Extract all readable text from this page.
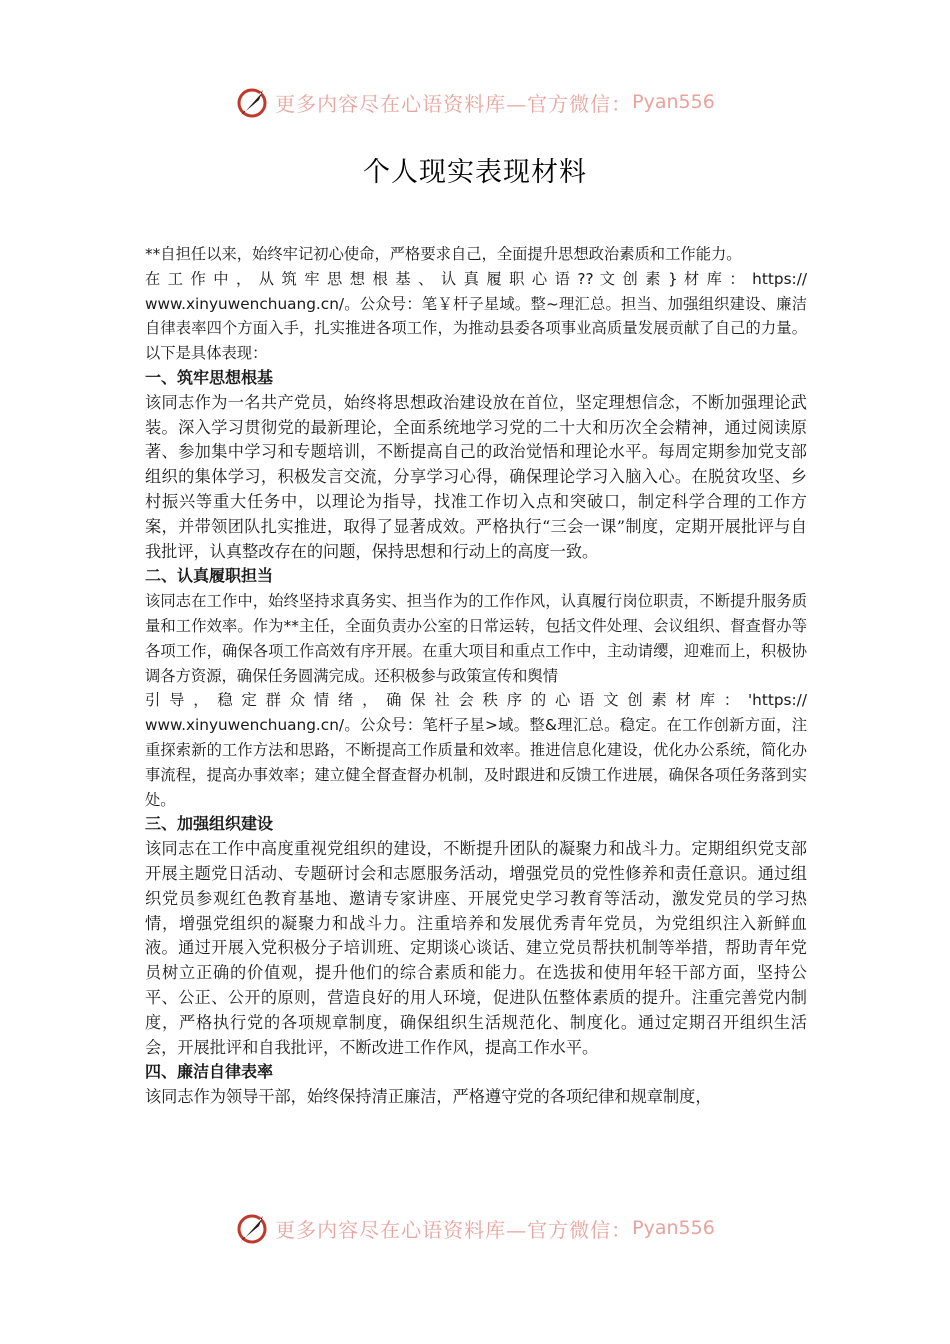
更多内容尽在心语资料库—官方微信： Pyan556
个人现实表现材料

**自担任以来，始终牢记初心使命，严格要求自己，全面提升思想政治素质和工作能力。

在 工 作 中 ， 从 筑 牢 思 想 根 基 、 认 真 履 职 心 语 ?? 文 创 素 } 材 库 ： https://

www.xinyuwenchuang.cn/。公众号：笔￥杆子星域。整~理汇总。担当、加强组织建设、廉洁自律表率四个方面入手，扎实推进各项工作，为推动县委各项事业高质量发展贡献了自己的力量。以下是具体表现：

一、筑牢思想根基

该同志作为一名共产党员，始终将思想政治建设放在首位，坚定理想信念，不断加强理论武装。深入学习贯彻党的最新理论，全面系统地学习党的二十大和历次全会精神，通过阅读原著、参加集中学习和专题培训，不断提高自己的政治觉悟和理论水平。每周定期参加党支部组织的集体学习，积极发言交流，分享学习心得，确保理论学习入脑入心。在脱贫攻坚、乡村振兴等重大任务中，以理论为指导，找准工作切入点和突破口，制定科学合理的工作方案，并带领团队扎实推进，取得了显著成效。严格执行“三会一课”制度，定期开展批评与自我批评，认真整改存在的问题，保持思想和行动上的高度一致。

二、认真履职担当

该同志在工作中，始终坚持求真务实、担当作为的工作作风，认真履行岗位职责，不断提升服务质量和工作效率。作为**主任，全面负责办公室的日常运转，包括文件处理、会议组织、督查督办等各项工作，确保各项工作高效有序开展。在重大项目和重点工作中，主动请缨，迎难而上，积极协调各方资源，确保任务圆满完成。还积极参与政策宣传和舆情

引 导 ， 稳 定 群 众 情 绪 ， 确 保 社 会 秩 序 的 心 语 文 创 素 材 库 ： 'https://

www.xinyuwenchuang.cn/。公众号：笔杆子星>域。整&理汇总。稳定。在工作创新方面，注重探索新的工作方法和思路，不断提高工作质量和效率。推进信息化建设，优化办公系统，简化办事流程，提高办事效率；建立健全督查督办机制，及时跟进和反馈工作进展，确保各项任务落到实处。

三、加强组织建设

该同志在工作中高度重视党组织的建设，不断提升团队的凝聚力和战斗力。定期组织党支部开展主题党日活动、专题研讨会和志愿服务活动，增强党员的党性修养和责任意识。通过组织党员参观红色教育基地、邀请专家讲座、开展党史学习教育等活动，激发党员的学习热情，增强党组织的凝聚力和战斗力。注重培养和发展优秀青年党员，为党组织注入新鲜血液。通过开展入党积极分子培训班、定期谈心谈话、建立党员帮扶机制等举措，帮助青年党员树立正确的价值观，提升他们的综合素质和能力。在选拔和使用年轻干部方面，坚持公平、公正、公开的原则，营造良好的用人环境，促进队伍整体素质的提升。注重完善党内制度，严格执行党的各项规章制度，确保组织生活规范化、制度化。通过定期召开组织生活会，开展批评和自我批评，不断改进工作作风，提高工作水平。

四、廉洁自律表率

该同志作为领导干部，始终保持清正廉洁，严格遵守党的各项纪律和规章制度，

更多内容尽在心语资料库—官方微信： Pyan556
